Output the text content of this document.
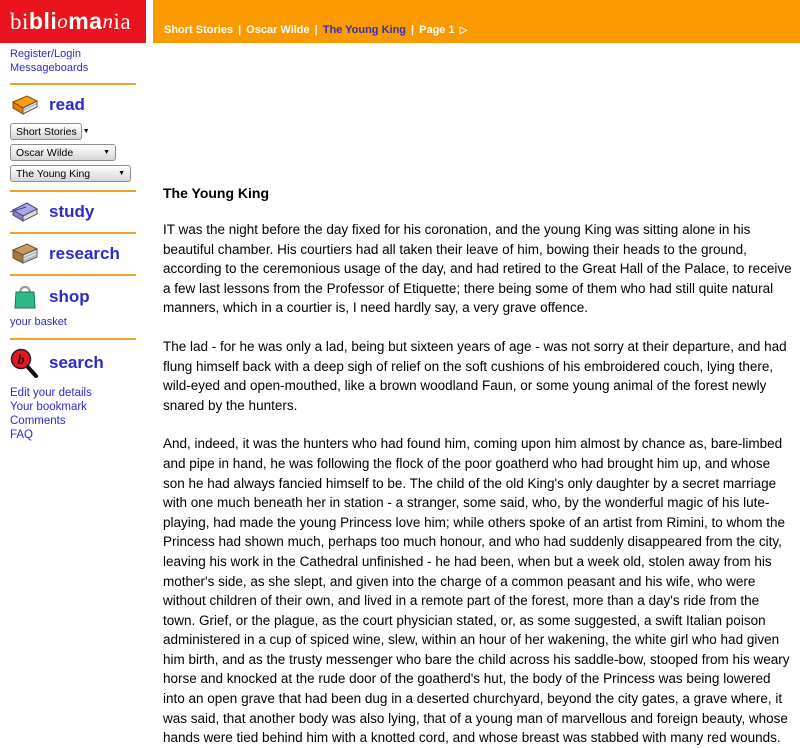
bi bli o ma n ia	Short Stories | Oscar Wilde | The Young King | Page 1 ▷
Register/Login
Messageboards
read
Short Stories ▼
Oscar Wilde	▼
The Young King	▼
study
research
shop
your basket
b search
Edit your details
Your bookmark
Comments
FAQ
The Young King

IT was the night before the day fixed for his coronation, and the young King was sitting alone in his beautiful chamber. His courtiers had all taken their leave of him, bowing their heads to the ground, according to the ceremonious usage of the day, and had retired to the Great Hall of the Palace, to receive a few last lessons from the Professor of Etiquette; there being some of them who had still quite natural manners, which in a courtier is, I need hardly say, a very grave offence.

The lad - for he was only a lad, being but sixteen years of age - was not sorry at their departure, and had flung himself back with a deep sigh of relief on the soft cushions of his embroidered couch, lying there, wild-eyed and open-mouthed, like a brown woodland Faun, or some young animal of the forest newly snared by the hunters.

And, indeed, it was the hunters who had found him, coming upon him almost by chance as, bare-limbed and pipe in hand, he was following the flock of the poor goatherd who had brought him up, and whose son he had always fancied himself to be. The child of the old King's only daughter by a secret marriage with one much beneath her in station - a stranger, some said, who, by the wonderful magic of his lute- playing, had made the young Princess love him; while others spoke of an artist from Rimini, to whom the Princess had shown much, perhaps too much honour, and who had suddenly disappeared from the city, leaving his work in the Cathedral unfinished - he had been, when but a week old, stolen away from his mother's side, as she slept, and given into the charge of a common peasant and his wife, who were without children of their own, and lived in a remote part of the forest, more than a day's ride from the town. Grief, or the plague, as the court physician stated, or, as some suggested, a swift Italian poison administered in a cup of spiced wine, slew, within an hour of her wakening, the white girl who had given him birth, and as the trusty messenger who bare the child across his saddle-bow, stooped from his weary horse and knocked at the rude door of the goatherd's hut, the body of the Princess was being lowered into an open grave that had been dug in a deserted churchyard, beyond the city gates, a grave where, it was said, that another body was also lying, that of a young man of marvellous and foreign beauty, whose hands were tied behind him with a knotted cord, and whose breast was stabbed with many red wounds.
